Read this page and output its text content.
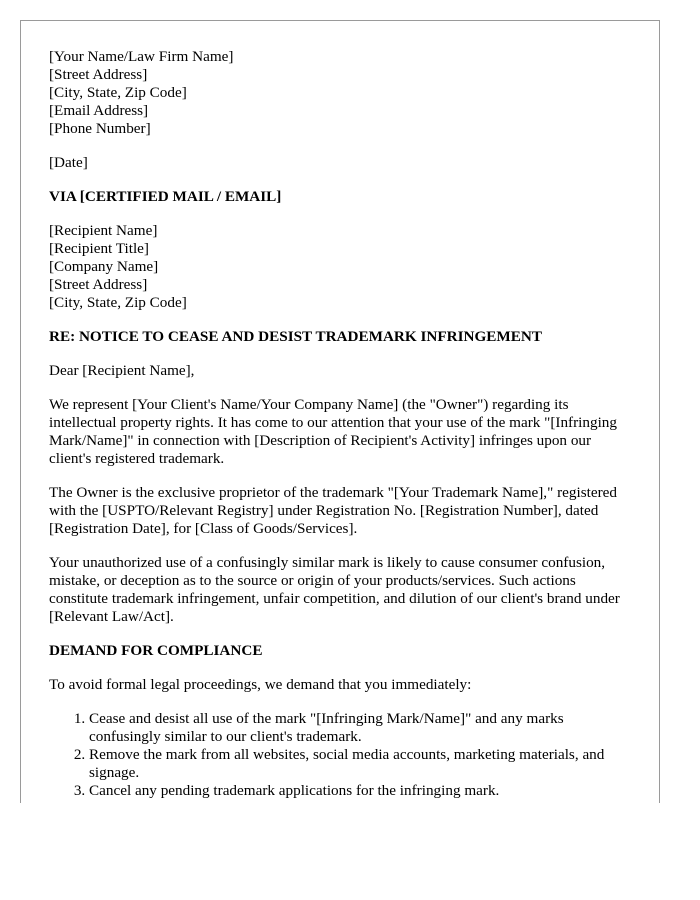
[Your Name/Law Firm Name]
[Street Address]
[City, State, Zip Code]
[Email Address]
[Phone Number]
[Date]
VIA [CERTIFIED MAIL / EMAIL]
[Recipient Name]
[Recipient Title]
[Company Name]
[Street Address]
[City, State, Zip Code]
RE: NOTICE TO CEASE AND DESIST TRADEMARK INFRINGEMENT

Dear [Recipient Name],

We represent [Your Client's Name/Your Company Name] (the "Owner") regarding its intellectual property rights. It has come to our attention that your use of the mark "[Infringing Mark/Name]" in connection with [Description of Recipient's Activity] infringes upon our client's registered trademark.

The Owner is the exclusive proprietor of the trademark "[Your Trademark Name]," registered with the [USPTO/Relevant Registry] under Registration No. [Registration Number], dated [Registration Date], for [Class of Goods/Services].

Your unauthorized use of a confusingly similar mark is likely to cause consumer confusion, mistake, or deception as to the source or origin of your products/services. Such actions constitute trademark infringement, unfair competition, and dilution of our client's brand under [Relevant Law/Act].

DEMAND FOR COMPLIANCE

To avoid formal legal proceedings, we demand that you immediately:

1. Cease and desist all use of the mark "[Infringing Mark/Name]" and any marks confusingly similar to our client's trademark.
2. Remove the mark from all websites, social media accounts, marketing materials, and signage.
3. Cancel any pending trademark applications for the infringing mark.
